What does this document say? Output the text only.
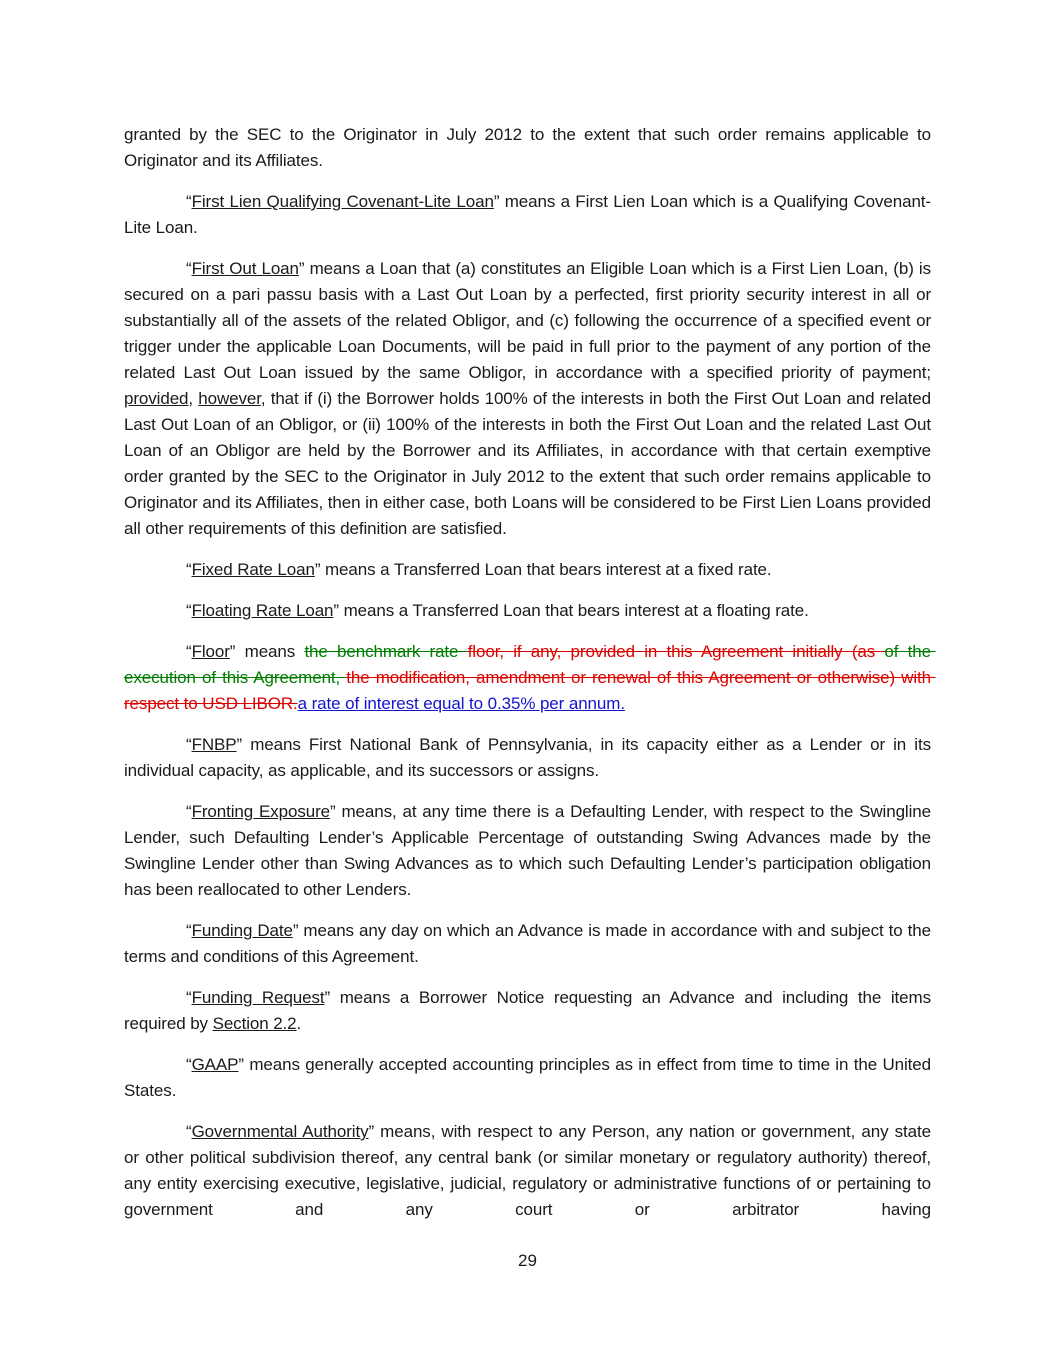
granted by the SEC to the Originator in July 2012 to the extent that such order remains applicable to Originator and its Affiliates.

“First Lien Qualifying Covenant-Lite Loan” means a First Lien Loan which is a Qualifying Covenant-Lite Loan.

“First Out Loan” means a Loan that (a) constitutes an Eligible Loan which is a First Lien Loan, (b) is secured on a pari passu basis with a Last Out Loan by a perfected, first priority security interest in all or substantially all of the assets of the related Obligor, and (c) following the occurrence of a specified event or trigger under the applicable Loan Documents, will be paid in full prior to the payment of any portion of the related Last Out Loan issued by the same Obligor, in accordance with a specified priority of payment; provided, however, that if (i) the Borrower holds 100% of the interests in both the First Out Loan and related Last Out Loan of an Obligor, or (ii) 100% of the interests in both the First Out Loan and the related Last Out Loan of an Obligor are held by the Borrower and its Affiliates, in accordance with that certain exemptive order granted by the SEC to the Originator in July 2012 to the extent that such order remains applicable to Originator and its Affiliates, then in either case, both Loans will be considered to be First Lien Loans provided all other requirements of this definition are satisfied.

“Fixed Rate Loan” means a Transferred Loan that bears interest at a fixed rate.

“Floating Rate Loan” means a Transferred Loan that bears interest at a floating rate.

“Floor” means the benchmark rate floor, if any, provided in this Agreement initially (as of the execution of this Agreement, the modification, amendment or renewal of this Agreement or otherwise) with respect to USD LIBOR.a rate of interest equal to 0.35% per annum.

“FNBP” means First National Bank of Pennsylvania, in its capacity either as a Lender or in its individual capacity, as applicable, and its successors or assigns.

“Fronting Exposure” means, at any time there is a Defaulting Lender, with respect to the Swingline Lender, such Defaulting Lender’s Applicable Percentage of outstanding Swing Advances made by the Swingline Lender other than Swing Advances as to which such Defaulting Lender’s participation obligation has been reallocated to other Lenders.

“Funding Date” means any day on which an Advance is made in accordance with and subject to the terms and conditions of this Agreement.

“Funding Request” means a Borrower Notice requesting an Advance and including the items required by Section 2.2.

“GAAP” means generally accepted accounting principles as in effect from time to time in the United States.

“Governmental Authority” means, with respect to any Person, any nation or government, any state or other political subdivision thereof, any central bank (or similar monetary or regulatory authority) thereof, any entity exercising executive, legislative, judicial, regulatory or administrative functions of or pertaining to government and any court or arbitrator having

29
